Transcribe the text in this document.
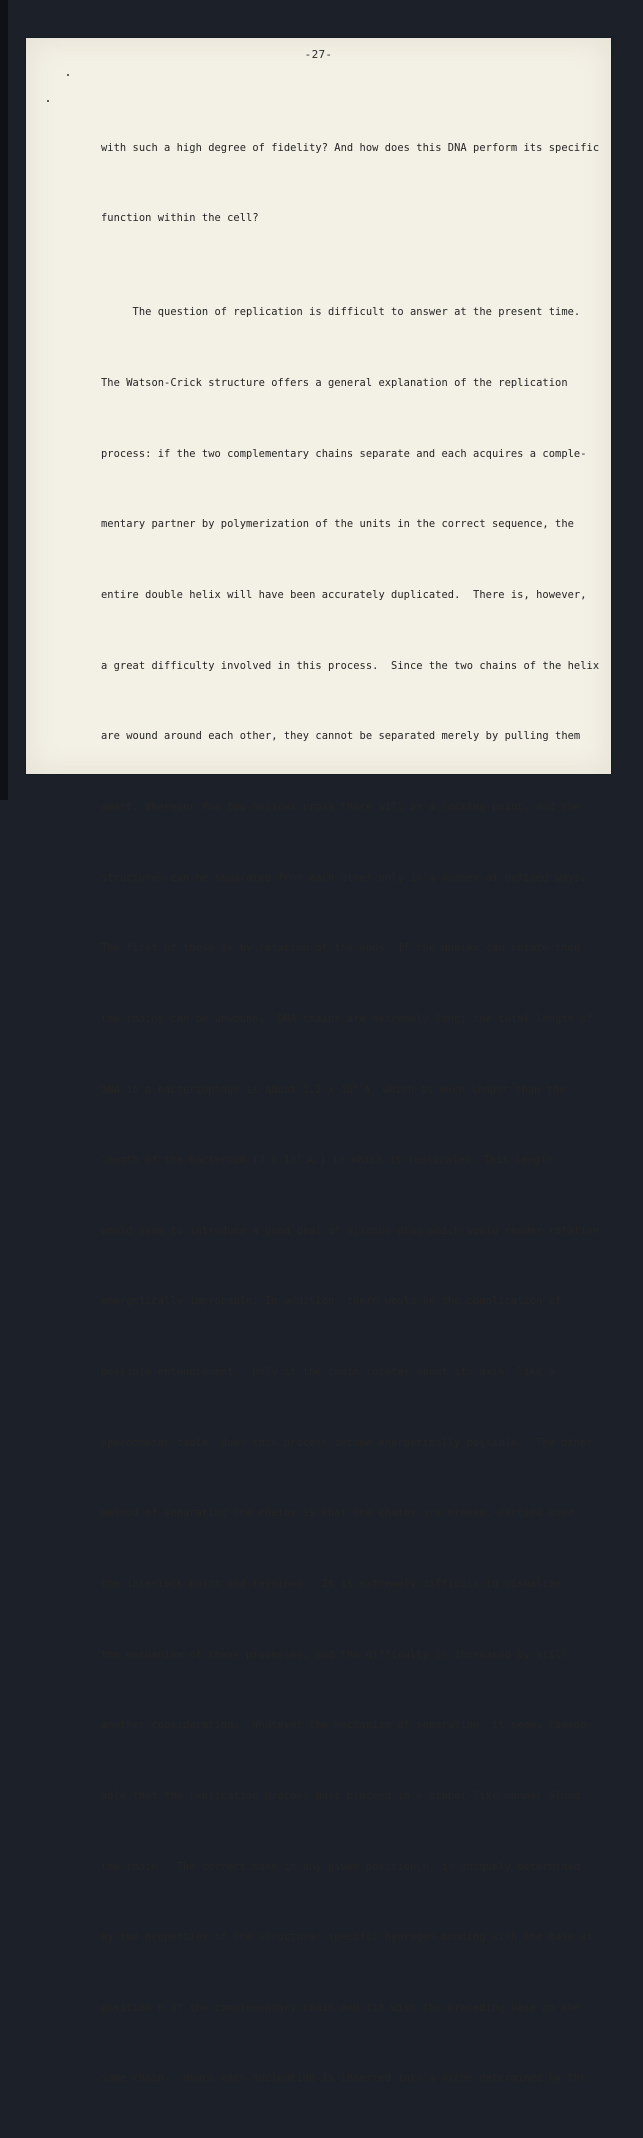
-27-

with such a high degree of fidelity? And how does this DNA perform its specific

function within the cell?

The question of replication is difficult to answer at the present time.

The Watson-Crick structure offers a general explanation of the replication

process: if the two complementary chains separate and each acquires a comple-

mentary partner by polymerization of the units in the correct sequence, the

entire double helix will have been accurately duplicated.  There is, however,

a great difficulty involved in this process.  Since the two chains of the helix

are wound around each other, they cannot be separated merely by pulling them

apart. Wherever the two helices cross there will be a locking point, and the

structures can be separated from each other only in a number of defined ways.

The first of these is by rotation of the ends. If the duplex can rotate then

the chains can be unwound.  DNA chains are extremely long; the total length of

DNA in a bacteriophage is about 1.2 x $10^6$ A. which is much longer than the

length of the bacterium (3 x $10^4$ A.) in which it replicates. This length

would seem to introduce a good deal of viscous drag which would render rotation

energetically improbable. In addition, there would be the complication of

possible entanglement.  Only if the chain rotates about its axis, like a

speedometer cable, does this process become energetically possible.  The other

method of separating the chains is that the chains are broken, carried over

the interlock point and rejoined.  It is extremely difficult to visualize

the mechanism of these processes, and the difficulty is increased by still

another consideration.  Whatever the mechanism of separation, it seems reason-

able that the replication process must proceed in a zipper-like manner along

the chain.  The correct base in any given position,n, is uniquely determined

by two properties of the structure: specific hydrogen bonding with the base at

position n of the complementary chain and fit with the preceding base on the

same chain.  Hence each nucleotide is inserted into a niche determined by the
